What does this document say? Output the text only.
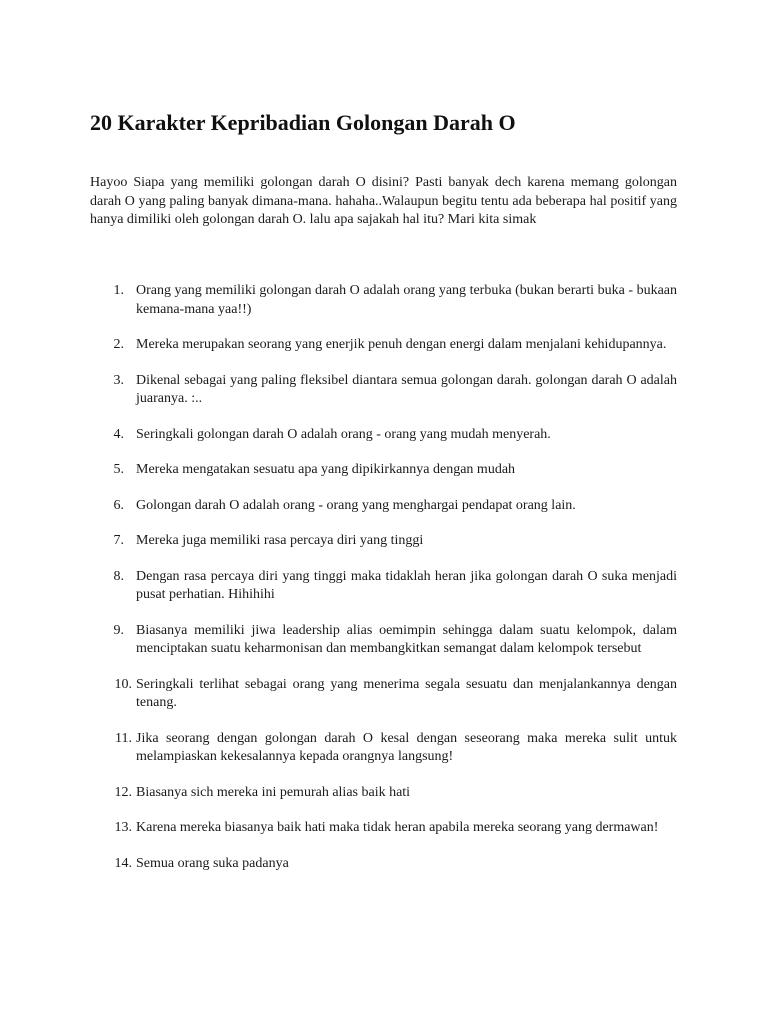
20 Karakter Kepribadian Golongan Darah O

Hayoo Siapa yang memiliki golongan darah O disini? Pasti banyak dech karena memang golongan darah O yang paling banyak dimana-mana. hahaha..Walaupun begitu tentu ada beberapa hal positif yang hanya dimiliki oleh golongan darah O. lalu apa sajakah hal itu? Mari kita simak

1. Orang yang memiliki golongan darah O adalah orang yang terbuka (bukan berarti buka - bukaan kemana-mana yaa!!)
2. Mereka merupakan seorang yang enerjik penuh dengan energi dalam menjalani kehidupannya.
3. Dikenal sebagai yang paling fleksibel diantara semua golongan darah. golongan darah O adalah juaranya. :..
4. Seringkali golongan darah O adalah orang - orang yang mudah menyerah.
5. Mereka mengatakan sesuatu apa yang dipikirkannya dengan mudah
6. Golongan darah O adalah orang - orang yang menghargai pendapat orang lain.
7. Mereka juga memiliki rasa percaya diri yang tinggi
8. Dengan rasa percaya diri yang tinggi maka tidaklah heran jika golongan darah O suka menjadi pusat perhatian. Hihihihi
9. Biasanya memiliki jiwa leadership alias oemimpin sehingga dalam suatu kelompok, dalam menciptakan suatu keharmonisan dan membangkitkan semangat dalam kelompok tersebut
10. Seringkali terlihat sebagai orang yang menerima segala sesuatu dan menjalankannya dengan tenang.
11. Jika seorang dengan golongan darah O kesal dengan seseorang maka mereka sulit untuk melampiaskan kekesalannya kepada orangnya langsung!
12. Biasanya sich mereka ini pemurah alias baik hati
13. Karena mereka biasanya baik hati maka tidak heran apabila mereka seorang yang dermawan!
14. Semua orang suka padanya
